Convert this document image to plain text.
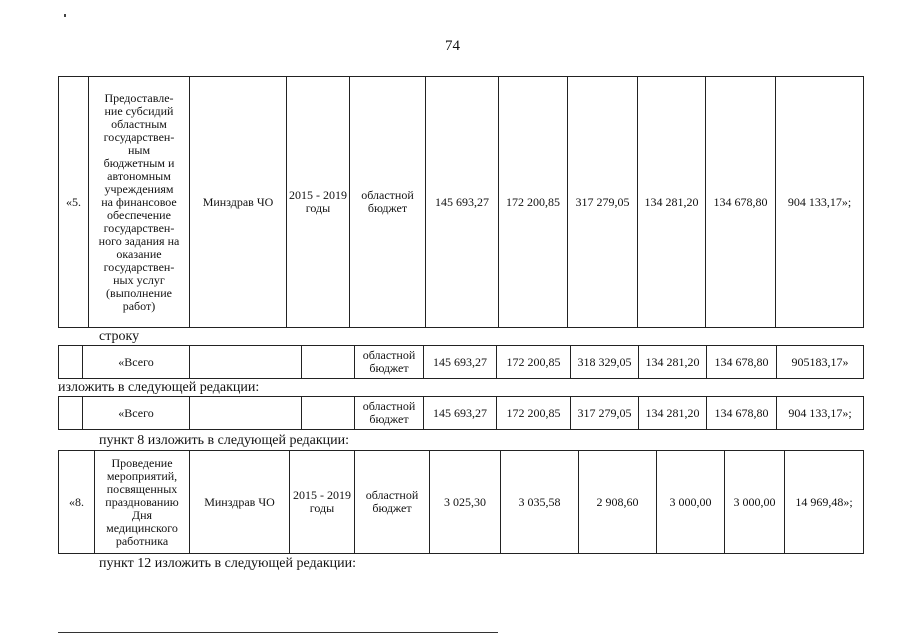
74
«5.	Предоставле-
ние субсидий
областным
государствен-
ным
бюджетным и
автономным
учреждениям
на финансовое
обеспечение
государствен-
ного задания на
оказание
государствен-
ных услуг
(выполнение
работ)	Минздрав ЧО	2015 - 2019 годы	областной бюджет	145 693,27	172 200,85	317 279,05	134 281,20	134 678,80	904 133,17»;
строку
	«Всего			областной бюджет	145 693,27	172 200,85	318 329,05	134 281,20	134 678,80	905183,17»
изложить в следующей редакции:
	«Всего			областной бюджет	145 693,27	172 200,85	317 279,05	134 281,20	134 678,80	904 133,17»;
пункт 8 изложить в следующей редакции:
«8.	Проведение
мероприятий,
посвященных
празднованию
Дня
медицинского
работника	Минздрав ЧО	2015 - 2019 годы	областной бюджет	3 025,30	3 035,58	2 908,60	3 000,00	3 000,00	14 969,48»;
пункт 12 изложить в следующей редакции:
